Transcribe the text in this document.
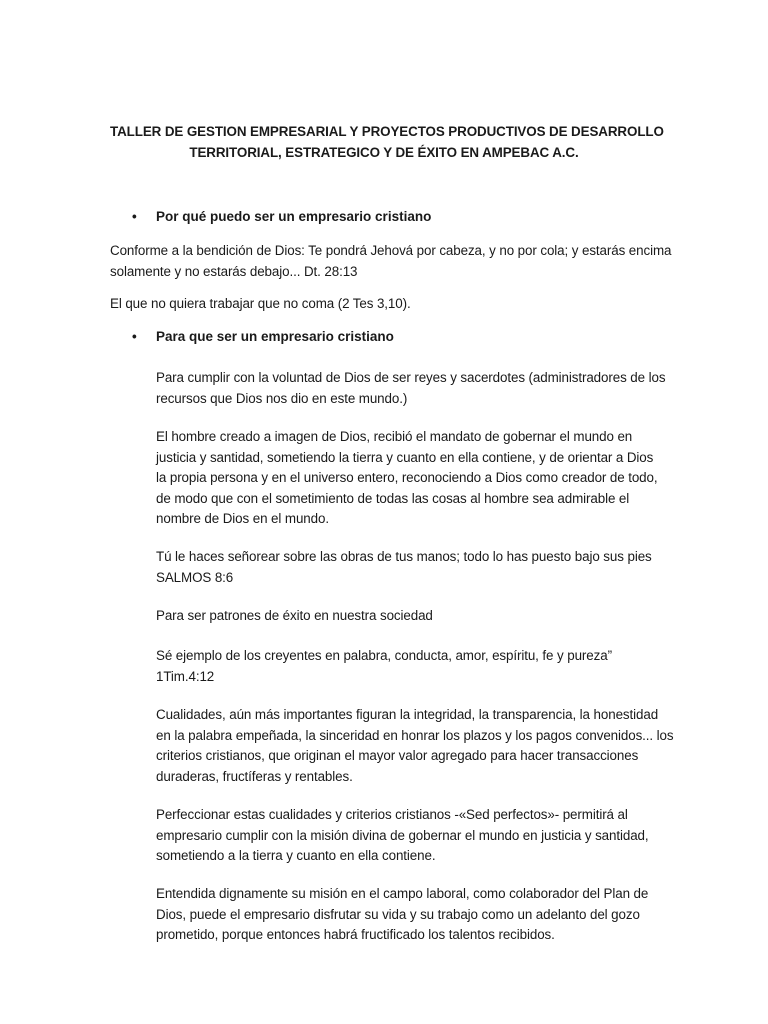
TALLER DE GESTION EMPRESARIAL Y PROYECTOS PRODUCTIVOS DE DESARROLLO
TERRITORIAL, ESTRATEGICO Y DE ÉXITO EN AMPEBAC A.C.
• Por qué puedo ser un empresario cristiano
Conforme a la bendición de Dios: Te pondrá Jehová por cabeza, y no por cola; y estarás encima
solamente y no estarás debajo... Dt. 28:13
El que no quiera trabajar que no coma (2 Tes 3,10).
• Para que ser un empresario cristiano
Para cumplir con la voluntad de Dios de ser reyes y sacerdotes (administradores de los
recursos que Dios nos dio en este mundo.)
El hombre creado a imagen de Dios, recibió el mandato de gobernar el mundo en
justicia y santidad, sometiendo la tierra y cuanto en ella contiene, y de orientar a Dios
la propia persona y en el universo entero, reconociendo a Dios como creador de todo,
de modo que con el sometimiento de todas las cosas al hombre sea admirable el
nombre de Dios en el mundo.
Tú le haces señorear sobre las obras de tus manos; todo lo has puesto bajo sus pies
SALMOS 8:6
Para ser patrones de éxito en nuestra sociedad
Sé ejemplo de los creyentes en palabra, conducta, amor, espíritu, fe y pureza”
1Tim.4:12
Cualidades, aún más importantes figuran la integridad, la transparencia, la honestidad
en la palabra empeñada, la sinceridad en honrar los plazos y los pagos convenidos... los
criterios cristianos, que originan el mayor valor agregado para hacer transacciones
duraderas, fructíferas y rentables.
Perfeccionar estas cualidades y criterios cristianos -«Sed perfectos»- permitirá al
empresario cumplir con la misión divina de gobernar el mundo en justicia y santidad,
sometiendo a la tierra y cuanto en ella contiene.
Entendida dignamente su misión en el campo laboral, como colaborador del Plan de
Dios, puede el empresario disfrutar su vida y su trabajo como un adelanto del gozo
prometido, porque entonces habrá fructificado los talentos recibidos.
